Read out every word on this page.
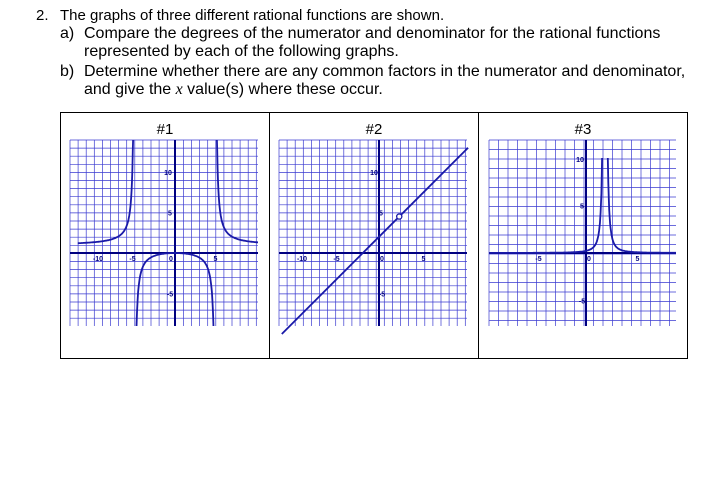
2. The graphs of three different rational functions are shown.
a) Compare the degrees of the numerator and denominator for the rational functions
represented by each of the following graphs.
b) Determine whether there are any common factors in the numerator and denominator,
and give the x value(s) where these occur.
#1
10
5
-10	-5	0	5
-5

#2
10
5
-10	-5	0	5
-5

#3
10
5
-5	0	5
-5
